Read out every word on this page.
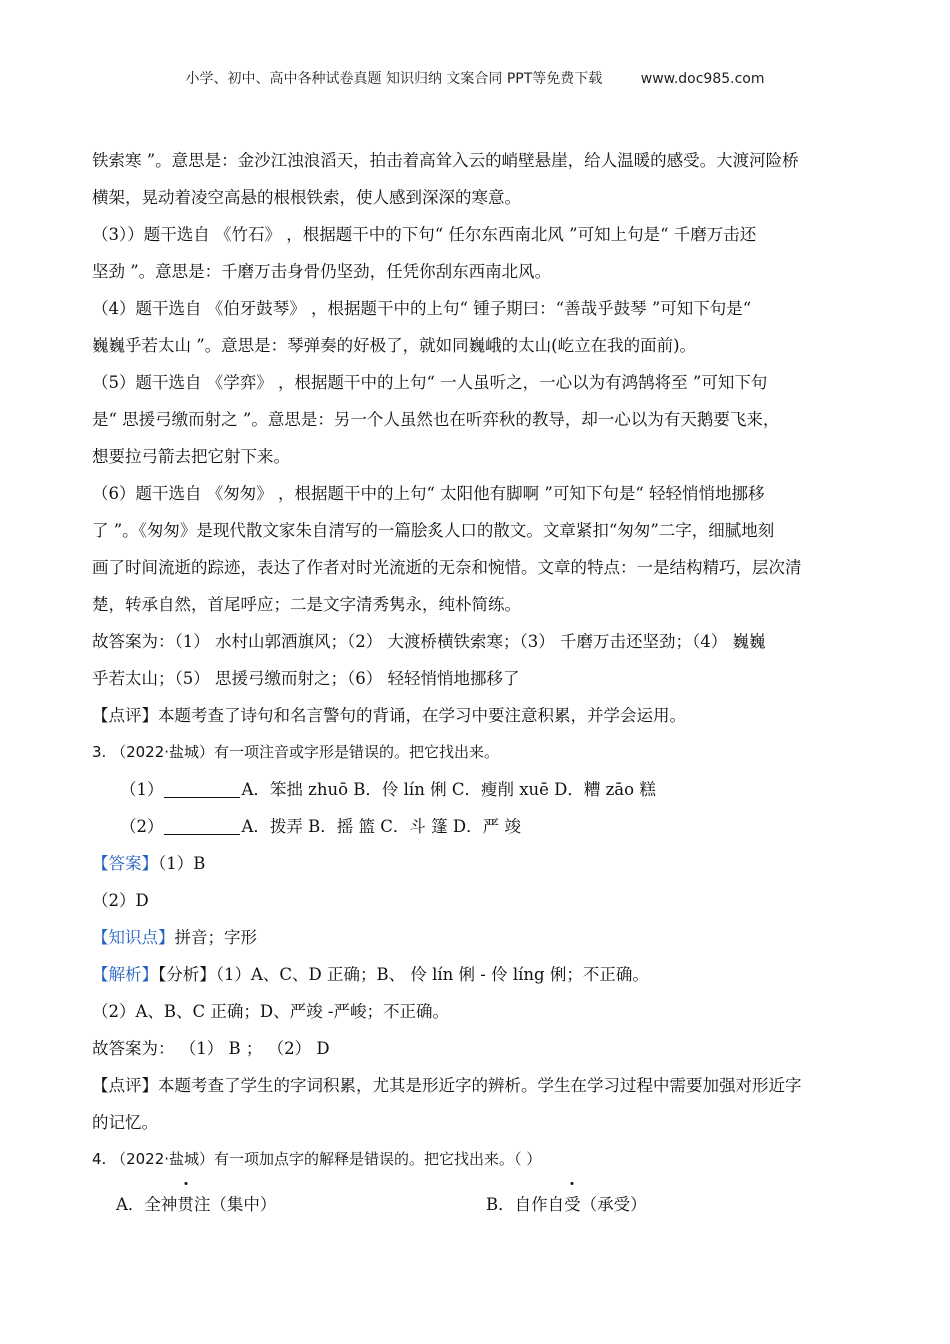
小学、初中、高中各种试卷真题 知识归纳 文案合同 PPT等免费下载	www.doc985.com

铁索寒 ”。意思是：金沙江浊浪滔天，拍击着高耸入云的峭壁悬崖，给人温暖的感受。大渡河险桥

横架，晃动着凌空高悬的根根铁索，使人感到深深的寒意。

（3））题干选自 《竹石》 ，根据题干中的下句“ 任尔东西南北风 ”可知上句是“ 千磨万击还

坚劲 ”。意思是：千磨万击身骨仍坚劲，任凭你刮东西南北风。

（4）题干选自 《伯牙鼓琴》 ，根据题干中的上句“ 锺子期曰：“善哉乎鼓琴 ”可知下句是“

巍巍乎若太山 ”。意思是：琴弹奏的好极了，就如同巍峨的太山(屹立在我的面前)。

（5）题干选自 《学弈》 ，根据题干中的上句“ 一人虽听之，一心以为有鸿鹄将至 ”可知下句

是“ 思援弓缴而射之 ”。意思是：另一个人虽然也在听弈秋的教导，却一心以为有天鹅要飞来，

想要拉弓箭去把它射下来。

（6）题干选自 《匆匆》 ，根据题干中的上句“ 太阳他有脚啊 ”可知下句是“ 轻轻悄悄地挪移

了 ”。《匆匆》是现代散文家朱自清写的一篇脍炙人口的散文。文章紧扣“匆匆”二字，细腻地刻

画了时间流逝的踪迹，表达了作者对时光流逝的无奈和惋惜。文章的特点：一是结构精巧，层次清

楚，转承自然，首尾呼应；二是文字清秀隽永，纯朴简练。

故答案为：（1） 水村山郭酒旗风；（2） 大渡桥横铁索寒；（3） 千磨万击还坚劲；（4） 巍巍

乎若太山；（5） 思援弓缴而射之；（6） 轻轻悄悄地挪移了

【点评】本题考查了诗句和名言警句的背诵，在学习中要注意积累，并学会运用。

3. （2022·盐城）有一项注音或字形是错误的。把它找出来。

（1）	A．笨拙 zhuō B．伶 lín 俐 C．瘦削 xuē D．糟 zāo 糕

（2）	A．拨弄 B．摇 篮 C．斗 篷 D．严 竣

【答案】（1）B

（2）D

【知识点】拼音；字形

【解析】【分析】（1）A、C、D 正确；B、 伶 lín 俐 - 伶 líng 俐；不正确。

（2）A、B、C 正确；D、严竣 -严峻；不正确。

故答案为： （1） B ； （2） D

【点评】本题考查了学生的字词积累，尤其是形近字的辨析。学生在学习过程中需要加强对形近字

的记忆。

4. （2022·盐城）有一项加点字的解释是错误的。把它找出来。（ ）

A．全神贯注（集中）	B．自作自受（承受）
